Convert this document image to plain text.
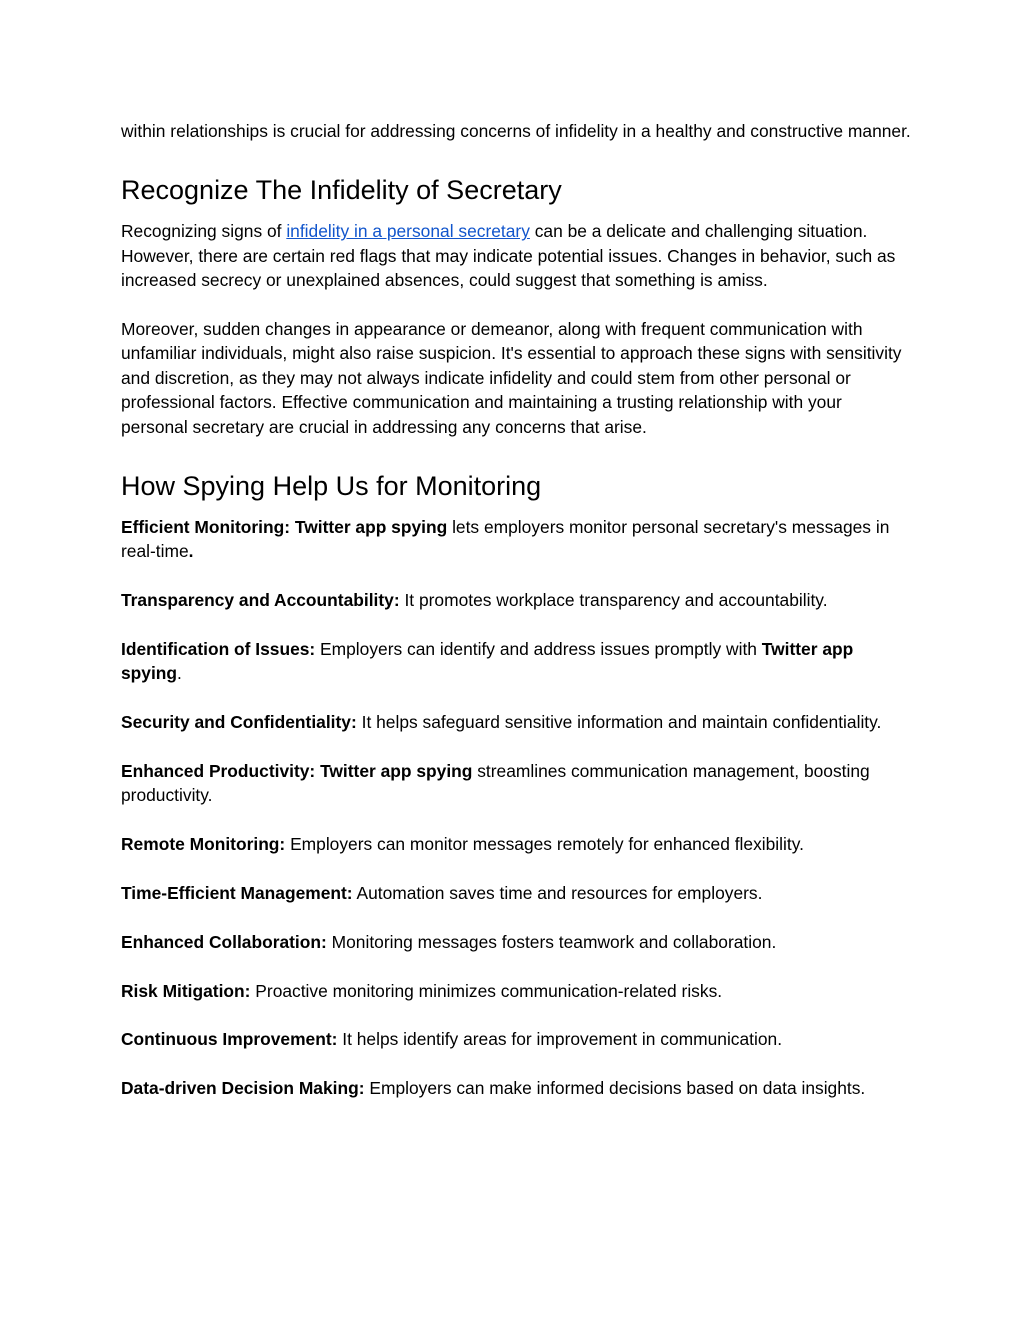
within relationships is crucial for addressing concerns of infidelity in a healthy and constructive manner.

Recognize The Infidelity of Secretary

Recognizing signs of infidelity in a personal secretary can be a delicate and challenging situation. However, there are certain red flags that may indicate potential issues. Changes in behavior, such as increased secrecy or unexplained absences, could suggest that something is amiss.

Moreover, sudden changes in appearance or demeanor, along with frequent communication with unfamiliar individuals, might also raise suspicion. It's essential to approach these signs with sensitivity and discretion, as they may not always indicate infidelity and could stem from other personal or professional factors. Effective communication and maintaining a trusting relationship with your personal secretary are crucial in addressing any concerns that arise.

How Spying Help Us for Monitoring

Efficient Monitoring: Twitter app spying lets employers monitor personal secretary's messages in real-time.

Transparency and Accountability: It promotes workplace transparency and accountability.

Identification of Issues: Employers can identify and address issues promptly with Twitter app spying.

Security and Confidentiality: It helps safeguard sensitive information and maintain confidentiality.

Enhanced Productivity: Twitter app spying streamlines communication management, boosting productivity.

Remote Monitoring: Employers can monitor messages remotely for enhanced flexibility.

Time-Efficient Management: Automation saves time and resources for employers.

Enhanced Collaboration: Monitoring messages fosters teamwork and collaboration.

Risk Mitigation: Proactive monitoring minimizes communication-related risks.

Continuous Improvement: It helps identify areas for improvement in communication.

Data-driven Decision Making: Employers can make informed decisions based on data insights.
